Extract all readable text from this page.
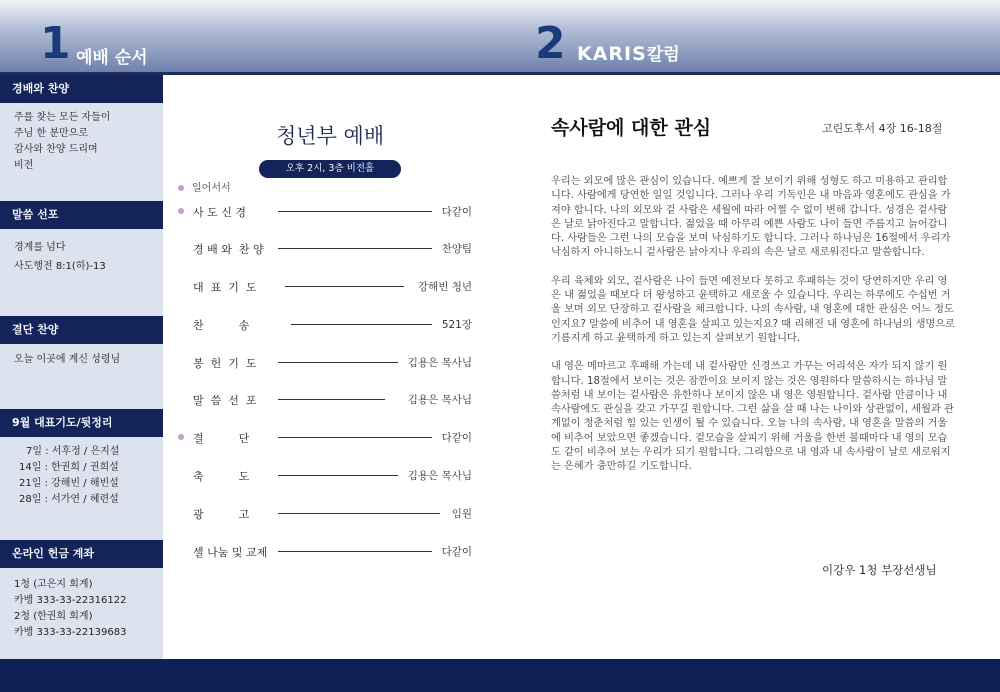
1 예배 순서	2 KARIS칼럼
경배와 찬양
주를 찾는 모든 자들이
주님 한 분만으로
감사와 찬양 드리며
비전
말씀 선포
경계를 넘다
사도행전 8:1(하)-13
결단 찬양
오늘 이곳에 계신 성령님
9월 대표기도/뒷정리
7일 : 서후정 / 은지설
14일 : 한권희 / 권희설
21일 : 강해빈 / 해빈설
28일 : 서가연 / 혜련설
온라인 헌금 계좌
1청 (고은지 회계)
카뱅 333-33-22316122
2청 (한권희 회계)
카뱅 333-33-22139683
청년부 예배
오후 2시, 3층 비전홀
일어서서
사 도 신 경	다같이
경 배 와  찬 양	찬양팀
대  표  기  도	강해빈 청년
찬          송	521장
봉  헌  기  도	김용은 목사님
말  씀  선  포	김용은 목사님
결          단	다같이
축          도	김용은 목사님
광          고	임원
셀 나눔 및 교제	다같이
속사람에 대한 관심	고린도후서 4장 16-18절

우리는 외모에 많은 관심이 있습니다. 예쁘게 잘 보이기 위해 성형도 하고 미용하고 관리합니다. 사람에게 당연한 일일 것입니다. 그러나 우리 기독인은 내 마음과 영혼에도 관심을 가져야 합니다. 나의 외모와 겉 사람은 세월에 따라 어쩔 수 없이 변해 갑니다. 성경은 겉사람은 날로 낡아진다고 말합니다. 젊었을 때 아무리 예쁜 사람도 나이 들면 주름지고 늙어갑니다. 사람들은 그런 나의 모습을 보며 낙심하기도 합니다. 그러나 하나님은 16절에서 우리가 낙심하지 아니하노니 겉사람은 낡아지나 우리의 속은 날로 새로워진다고 말씀합니다.

우리 육체와 외모, 겉사람은 나이 들면 예전보다 못하고 후패하는 것이 당연하지만 우리 영은 내 젊었을 때보다 더 왕성하고 윤택하고 새로울 수 있습니다. 우리는 하루에도 수십번 거울 보며 외모 단장하고 겉사람을 체크합니다. 나의 속사람, 내 영혼에 대한 관심은 어느 정도인지요? 말씀에 비추어 내 영혼을 살피고 있는지요? 때 리해진 내 영혼에 하나님의 생명으로 기름지게 하고 윤택하게 하고 있는지 살펴보기 원합니다.

내 영은 메마르고 후패해 가는데 내 겉사람만 신경쓰고 가꾸는 어리석은 자가 되지 않기 원합니다. 18절에서 보이는 것은 잠깐이요 보이지 않는 것은 영원하다 말씀하시는 하나님 말씀처럼 내 보이는 겉사람은 유한하나 보이지 않은 내 영은 영원합니다. 겉사람 만큼이나 내 속사람에도 관심을 갖고 가꾸길 원합니다. 그런 삶을 살 때 나는 나이와 상관없이, 세월과 관계없이 청춘처럼 힘 있는 인생이 될 수 있습니다. 오늘 나의 속사람, 내 영혼을 말씀의 거울에 비추어 보았으면 좋겠습니다. 겉모습을 살피기 위해 거울을 한번 볼때마다 내 영의 모습도 같이 비추어 보는 우리가 되기 원합니다. 그리함으로 내 영과 내 속사람이 날로 새로워지는 은혜가 충만하길 기도합니다.

이강우 1청 부장선생님
